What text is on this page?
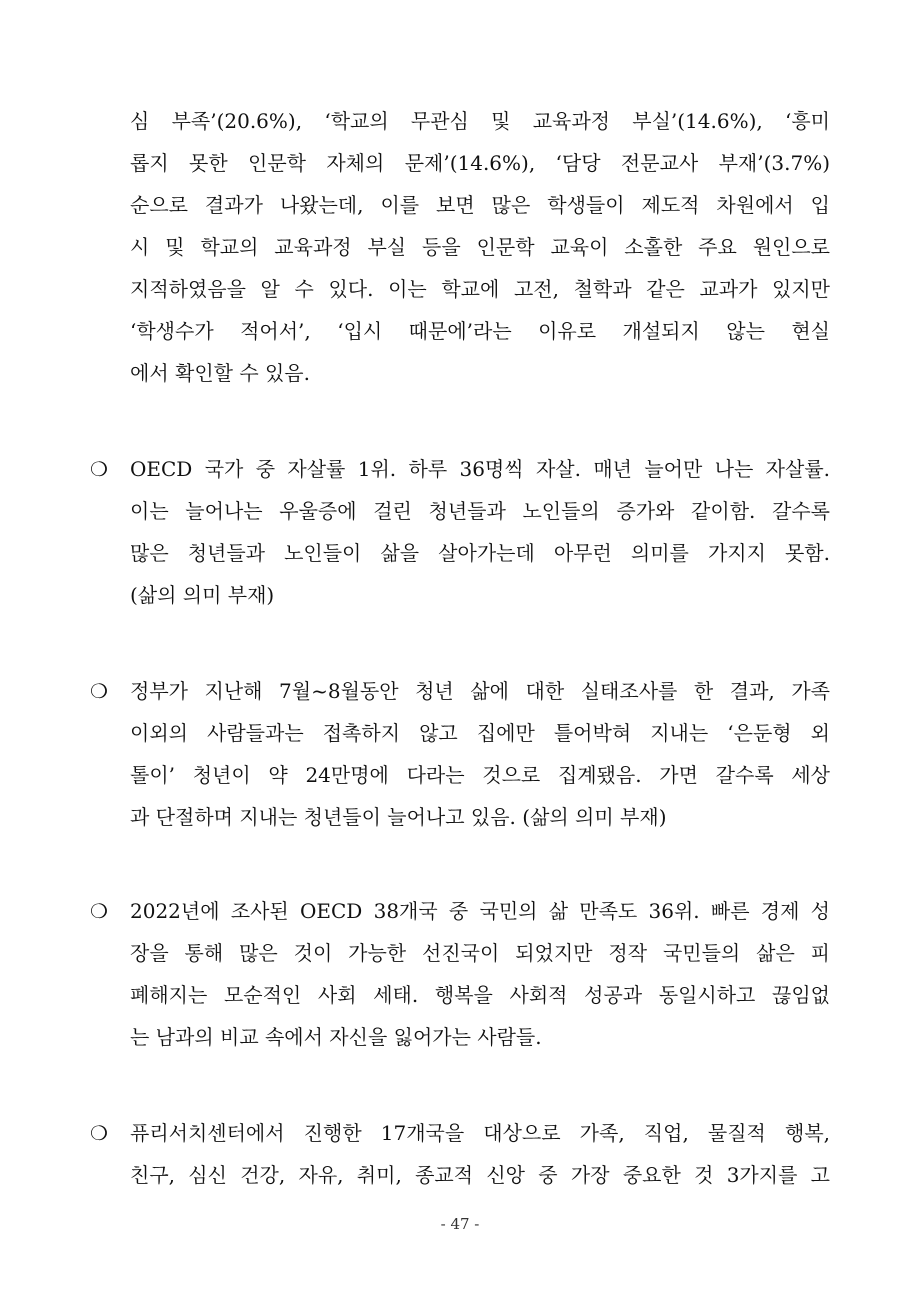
심 부족’(20.6%), ‘학교의 무관심 및 교육과정 부실’(14.6%), ‘흥미
롭지 못한 인문학 자체의 문제’(14.6%), ‘담당 전문교사 부재’(3.7%)
순으로 결과가 나왔는데, 이를 보면 많은 학생들이 제도적 차원에서 입
시 및 학교의 교육과정 부실 등을 인문학 교육이 소홀한 주요 원인으로
지적하였음을 알 수 있다. 이는 학교에 고전, 철학과 같은 교과가 있지만
‘학생수가 적어서’, ‘입시 때문에’라는 이유로 개설되지 않는 현실
에서 확인할 수 있음.
❍ OECD 국가 중 자살률 1위. 하루 36명씩 자살. 매년 늘어만 나는 자살률.
이는 늘어나는 우울증에 걸린 청년들과 노인들의 증가와 같이함. 갈수록
많은 청년들과 노인들이 삶을 살아가는데 아무런 의미를 가지지 못함.
(삶의 의미 부재)
❍ 정부가 지난해 7월~8월동안 청년 삶에 대한 실태조사를 한 결과, 가족
이외의 사람들과는 접촉하지 않고 집에만 틀어박혀 지내는 ‘은둔형 외
톨이’ 청년이 약 24만명에 다라는 것으로 집계됐음. 가면 갈수록 세상
과 단절하며 지내는 청년들이 늘어나고 있음. (삶의 의미 부재)
❍ 2022년에 조사된 OECD 38개국 중 국민의 삶 만족도 36위. 빠른 경제 성
장을 통해 많은 것이 가능한 선진국이 되었지만 정작 국민들의 삶은 피
폐해지는 모순적인 사회 세태. 행복을 사회적 성공과 동일시하고 끊임없
는 남과의 비교 속에서 자신을 잃어가는 사람들.
❍ 퓨리서치센터에서 진행한 17개국을 대상으로 가족, 직업, 물질적 행복,
친구, 심신 건강, 자유, 취미, 종교적 신앙 중 가장 중요한 것 3가지를 고
- 47 -
